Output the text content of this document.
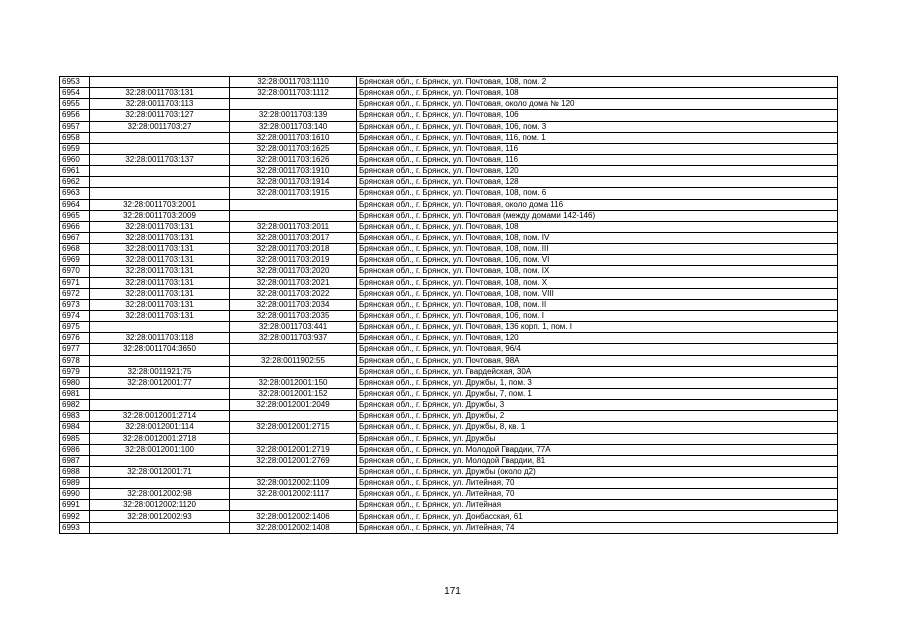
6953		32:28:0011703:1110	Брянская обл., г. Брянск, ул. Почтовая, 108, пом. 2
6954	32:28:0011703:131	32:28:0011703:1112	Брянская обл., г. Брянск, ул. Почтовая, 108
6955	32:28:0011703:113		Брянская обл., г. Брянск, ул. Почтовая, около дома № 120
6956	32:28:0011703:127	32:28:0011703:139	Брянская обл., г. Брянск, ул. Почтовая, 106
6957	32:28:0011703:27	32:28:0011703:140	Брянская обл., г. Брянск, ул. Почтовая, 106, пом. 3
6958		32:28:0011703:1610	Брянская обл., г. Брянск, ул. Почтовая, 116, пом. 1
6959		32:28:0011703:1625	Брянская обл., г. Брянск, ул. Почтовая, 116
6960	32:28:0011703:137	32:28:0011703:1626	Брянская обл., г. Брянск, ул. Почтовая, 116
6961		32:28:0011703:1910	Брянская обл., г. Брянск, ул. Почтовая, 120
6962		32:28:0011703:1914	Брянская обл., г. Брянск, ул. Почтовая, 128
6963		32:28:0011703:1915	Брянская обл., г. Брянск, ул. Почтовая, 108, пом. 6
6964	32:28:0011703:2001		Брянская обл., г. Брянск, ул. Почтовая, около дома 116
6965	32:28:0011703:2009		Брянская обл., г. Брянск, ул. Почтовая (между домами 142-146)
6966	32:28:0011703:131	32:28:0011703:2011	Брянская обл., г. Брянск, ул. Почтовая, 108
6967	32:28:0011703:131	32:28:0011703:2017	Брянская обл., г. Брянск, ул. Почтовая, 108, пом. IV
6968	32:28:0011703:131	32:28:0011703:2018	Брянская обл., г. Брянск, ул. Почтовая, 108, пом. III
6969	32:28:0011703:131	32:28:0011703:2019	Брянская обл., г. Брянск, ул. Почтовая, 106, пом. VI
6970	32:28:0011703:131	32:28:0011703:2020	Брянская обл., г. Брянск, ул. Почтовая, 108, пом. IX
6971	32:28:0011703:131	32:28:0011703:2021	Брянская обл., г. Брянск, ул. Почтовая, 108, пом. X
6972	32:28:0011703:131	32:28:0011703:2022	Брянская обл., г. Брянск, ул. Почтовая, 108, пом. VIII
6973	32:28:0011703:131	32:28:0011703:2034	Брянская обл., г. Брянск, ул. Почтовая, 108, пом. II
6974	32:28:0011703:131	32:28:0011703:2035	Брянская обл., г. Брянск, ул. Почтовая, 106, пом. I
6975		32:28:0011703:441	Брянская обл., г. Брянск, ул. Почтовая, 136 корп. 1, пом. I
6976	32:28:0011703:118	32:28:0011703:937	Брянская обл., г. Брянск, ул. Почтовая, 120
6977	32:28:0011704:3650		Брянская обл., г. Брянск, ул. Почтовая, 96/4
6978		32:28:0011902:55	Брянская обл., г. Брянск, ул. Почтовая, 98А
6979	32:28:0011921:75		Брянская обл., г. Брянск, ул. Гвардейская, 30А
6980	32:28:0012001:77	32:28:0012001:150	Брянская обл., г. Брянск, ул. Дружбы, 1, пом. 3
6981		32:28:0012001:152	Брянская обл., г. Брянск, ул. Дружбы, 7, пом. 1
6982		32:28:0012001:2049	Брянская обл., г. Брянск, ул. Дружбы, 3
6983	32:28:0012001:2714		Брянская обл., г. Брянск, ул. Дружбы, 2
6984	32:28:0012001:114	32:28:0012001:2715	Брянская обл., г. Брянск, ул. Дружбы, 8, кв. 1
6985	32:28:0012001:2718		Брянская обл., г. Брянск, ул. Дружбы
6986	32:28:0012001:100	32:28:0012001:2719	Брянская обл., г. Брянск, ул. Молодой Гвардии, 77А
6987		32:28:0012001:2769	Брянская обл., г. Брянск, ул. Молодой Гвардии, 81
6988	32:28:0012001:71		Брянская обл., г. Брянск, ул. Дружбы (около д2)
6989		32:28:0012002:1109	Брянская обл., г. Брянск, ул. Литейная, 70
6990	32:28:0012002:98	32:28:0012002:1117	Брянская обл., г. Брянск, ул. Литейная, 70
6991	32:28:0012002:1120		Брянская обл., г. Брянск, ул. Литейная
6992	32:28:0012002:93	32:28:0012002:1406	Брянская обл., г. Брянск, ул. Донбасская, 61
6993		32:28:0012002:1408	Брянская обл., г. Брянск, ул. Литейная, 74
171
